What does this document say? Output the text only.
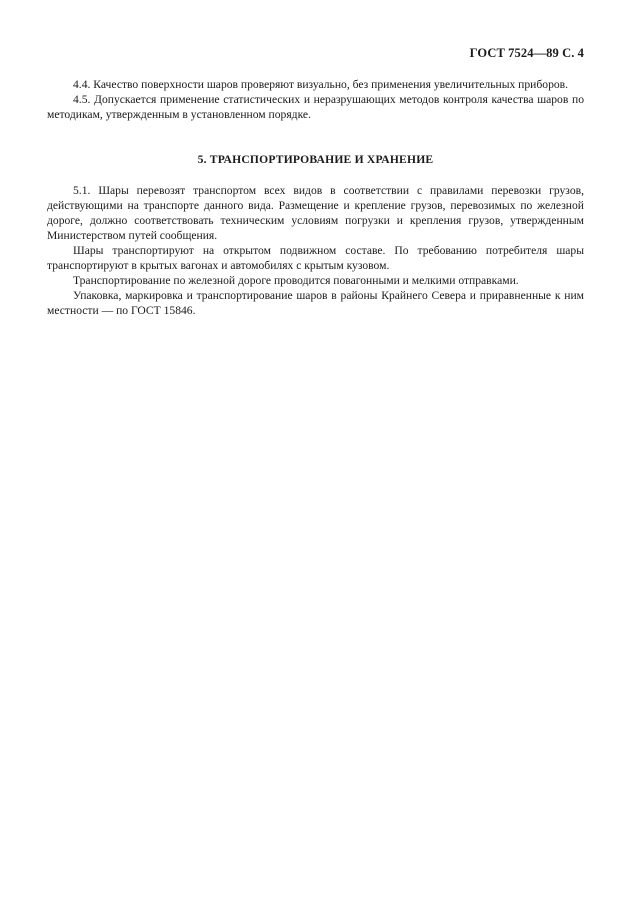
ГОСТ 7524—89 С. 4

4.4. Качество поверхности шаров проверяют визуально, без применения увеличительных приборов.

4.5. Допускается применение статистических и неразрушающих методов контроля качества шаров по методикам, утвержденным в установленном порядке.

5. ТРАНСПОРТИРОВАНИЕ И ХРАНЕНИЕ

5.1. Шары перевозят транспортом всех видов в соответствии с правилами перевозки грузов, действующими на транспорте данного вида. Размещение и крепление грузов, перевозимых по железной дороге, должно соответствовать техническим условиям погрузки и крепления грузов, утвержденным Министерством путей сообщения.

Шары транспортируют на открытом подвижном составе. По требованию потребителя шары транспортируют в крытых вагонах и автомобилях с крытым кузовом.

Транспортирование по железной дороге проводится повагонными и мелкими отправками.

Упаковка, маркировка и транспортирование шаров в районы Крайнего Севера и приравненные к ним местности — по ГОСТ 15846.
